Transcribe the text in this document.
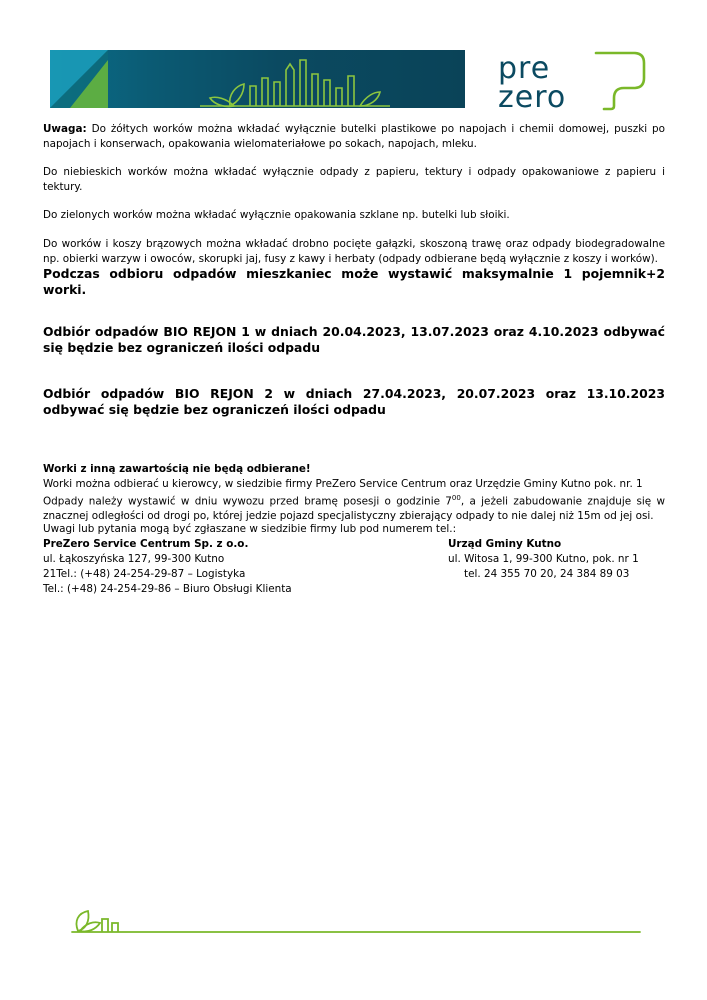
pre
zero

Uwaga: Do żółtych worków można wkładać wyłącznie butelki plastikowe po napojach i chemii domowej, puszki po napojach i konserwach, opakowania wielomateriałowe po sokach, napojach, mleku.

Do niebieskich worków można wkładać wyłącznie odpady z papieru, tektury i odpady opakowaniowe z papieru i tektury.

Do zielonych worków można wkładać wyłącznie opakowania szklane np. butelki lub słoiki.

Do worków i koszy brązowych można wkładać drobno pocięte gałązki, skoszoną trawę oraz odpady biodegradowalne np. obierki warzyw i owoców, skorupki jaj, fusy z kawy i herbaty (odpady odbierane będą wyłącznie z koszy i worków).

Podczas odbioru odpadów mieszkaniec może wystawić maksymalnie 1 pojemnik+2 worki.

Odbiór odpadów BIO REJON 1 w dniach 20.04.2023, 13.07.2023 oraz 4.10.2023 odbywać się będzie bez ograniczeń ilości odpadu

Odbiór odpadów BIO REJON 2 w dniach 27.04.2023, 20.07.2023 oraz 13.10.2023 odbywać się będzie bez ograniczeń ilości odpadu

Worki z inną zawartością nie będą odbierane!

Worki można odbierać u kierowcy, w siedzibie firmy PreZero Service Centrum oraz Urzędzie Gminy Kutno pok. nr. 1

Odpady należy wystawić w dniu wywozu przed bramę posesji o godzinie $7^{00}$, a jeżeli zabudowanie znajduje się w znacznej odległości od drogi po, której jedzie pojazd specjalistyczny zbierający odpady to nie dalej niż 15m od jej osi.

Uwagi lub pytania mogą być zgłaszane w siedzibie firmy lub pod numerem tel.:
PreZero Service Centrum Sp. z o.o.	Urząd Gminy Kutno
ul. Łąkoszyńska 127, 99-300 Kutno	ul. Witosa 1, 99-300 Kutno, pok. nr 1
21Tel.: (+48) 24-254-29-87 – Logistyka	tel. 24 355 70 20, 24 384 89 03
Tel.: (+48) 24-254-29-86 – Biuro Obsługi Klienta
